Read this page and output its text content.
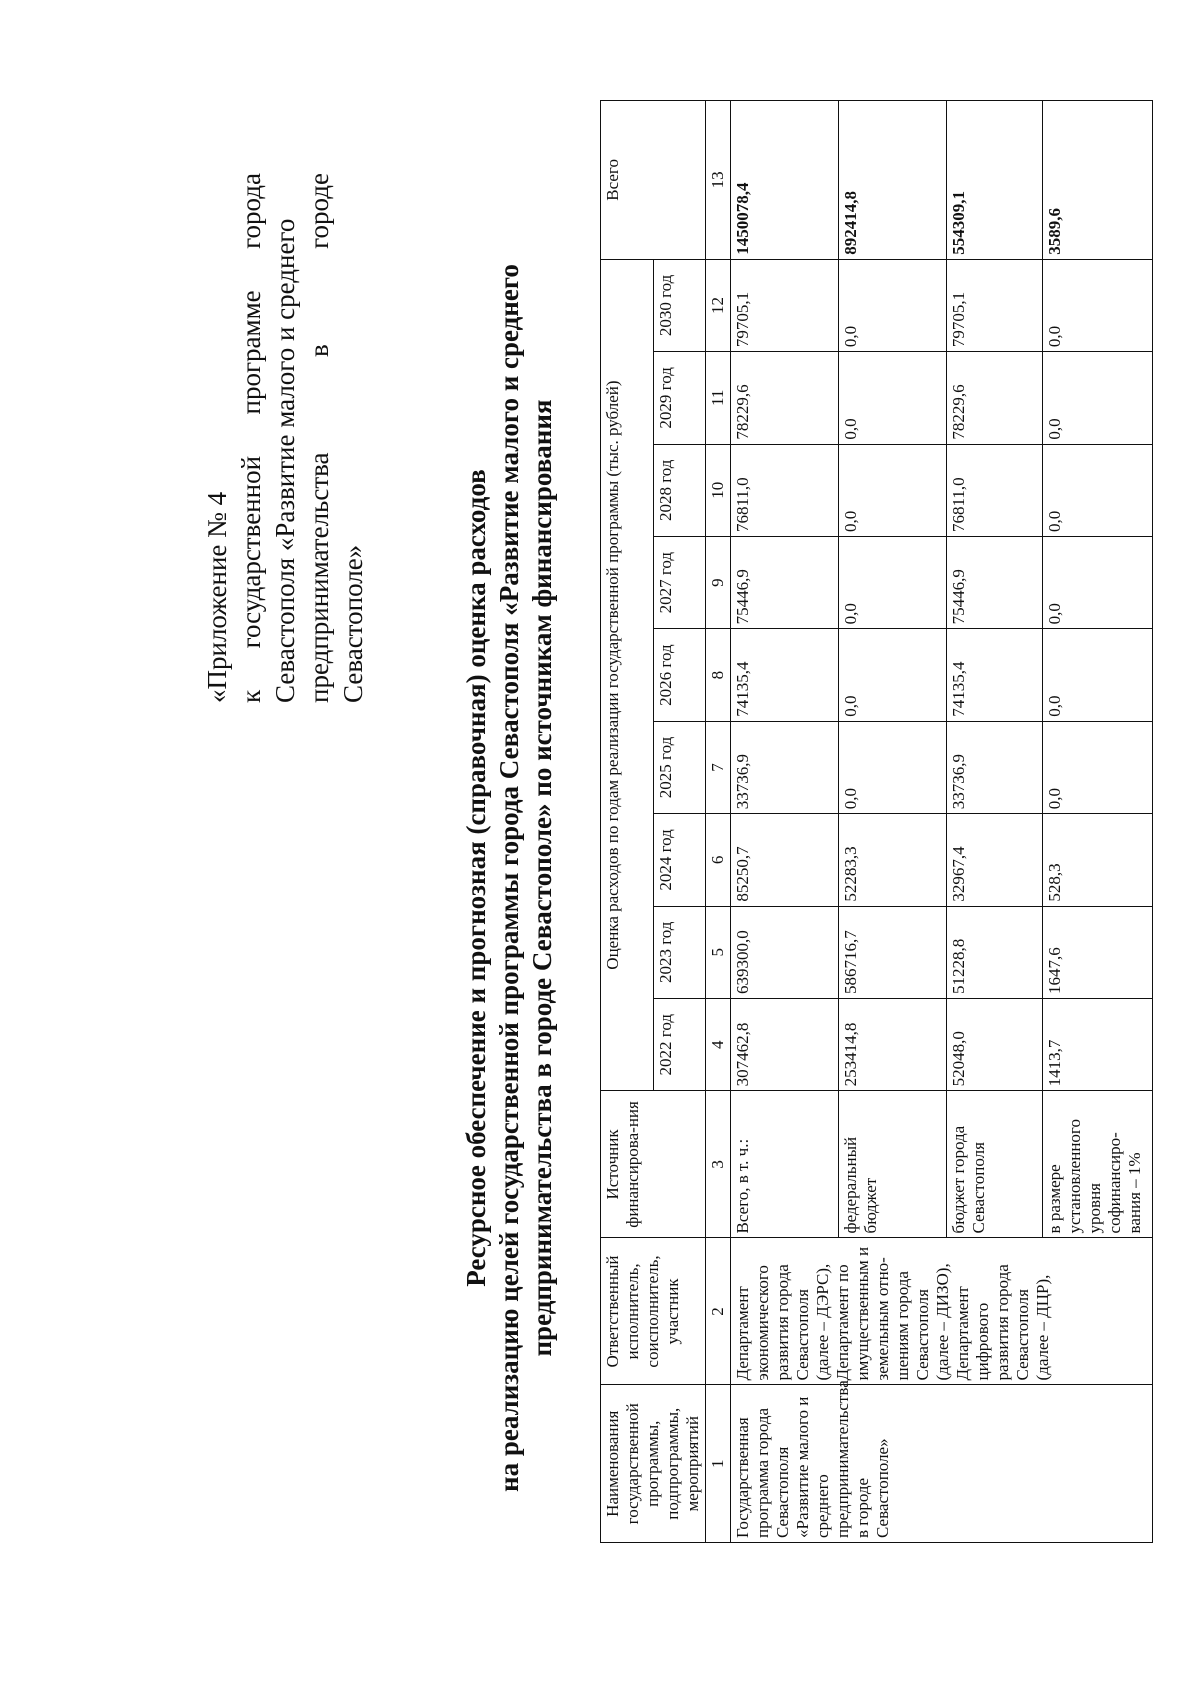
«Приложение № 4 к
государственной
программе
города
Севастополя «Развитие малого и среднего предпринимательства
в
городе
Севастополе»	Ресурсное обеспечение и прогнозная (справочная) оценка расходов на реализацию целей государственной программы города Севастополя «Развитие малого и среднего предпринимательства в городе Севастополе» по источникам финансирования
Наименования государственной программы, подпрограммы, мероприятий	Ответственный исполнитель, соисполнитель, участник	Источник финансирова-ния	Оценка расходов по годам реализации государственной программы (тыс. рублей)									Всего
			2022 год	2023 год	2024 год	2025 год	2026 год	2027 год	2028 год	2029 год	2030 год	
1	2	3	4	5	6	7	8	9	10	11	12	13
Государственная программа города Севастополя «Развитие малого и среднего предпринимательства в городе Севастополе»	Департамент экономического развития города Севастополя (далее – ДЭРС), Департамент по имущественным и земельным отно-шениям города Севастополя (далее – ДИЗО), Департамент цифрового развития города Севастополя (далее – ДЦР),	Всего, в т. ч.:	307462,8	639300,0	85250,7	33736,9	74135,4	75446,9	76811,0	78229,6	79705,1	1450078,4
		федеральный бюджет	253414,8	586716,7	52283,3	0,0	0,0	0,0	0,0	0,0	0,0	892414,8
		бюджет города Севастополя	52048,0	51228,8	32967,4	33736,9	74135,4	75446,9	76811,0	78229,6	79705,1	554309,1
		в размере установленного уровня софинансиро-вания – 1%	1413,7	1647,6	528,3	0,0	0,0	0,0	0,0	0,0	0,0	3589,6
